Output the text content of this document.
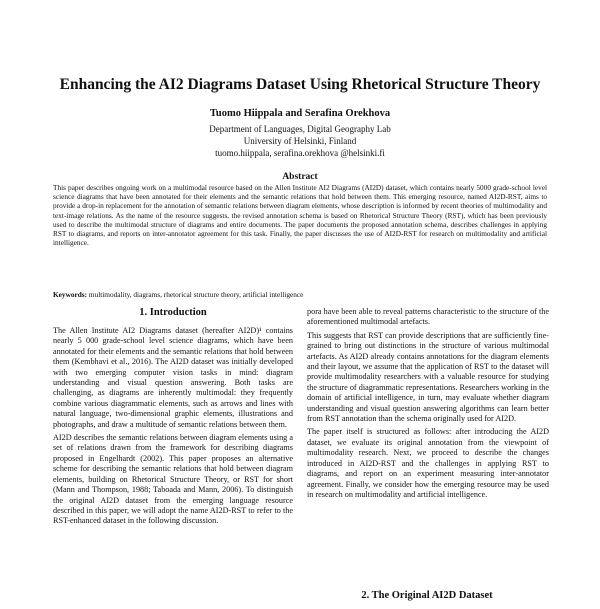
Enhancing the AI2 Diagrams Dataset Using Rhetorical Structure Theory
Tuomo Hiippala and Serafina Orekhova
Department of Languages, Digital Geography Lab
University of Helsinki, Finland
tuomo.hiippala, serafina.orekhova @helsinki.fi
Abstract

This paper describes ongoing work on a multimodal resource based on the Allen Institute AI2 Diagrams (AI2D) dataset, which contains nearly 5000 grade-school level science diagrams that have been annotated for their elements and the semantic relations that hold between them. This emerging resource, named AI2D-RST, aims to provide a drop-in replacement for the annotation of semantic relations between diagram elements, whose description is informed by recent theories of multimodality and text-image relations. As the name of the resource suggests, the revised annotation schema is based on Rhetorical Structure Theory (RST), which has been previously used to describe the multimodal structure of diagrams and entire documents. The paper documents the proposed annotation schema, describes challenges in applying RST to diagrams, and reports on inter-annotator agreement for this task. Finally, the paper discusses the use of AI2D-RST for research on multimodality and artificial intelligence.

Keywords: multimodality, diagrams, rhetorical structure theory, artificial intelligence

1. Introduction

The Allen Institute AI2 Diagrams dataset (hereafter AI2D)¹ contains nearly 5 000 grade-school level science diagrams, which have been annotated for their elements and the semantic relations that hold between them (Kembhavi et al., 2016). The AI2D dataset was initially developed with two emerging computer vision tasks in mind: diagram understanding and visual question answering. Both tasks are challenging, as diagrams are inherently multimodal: they frequently combine various diagrammatic elements, such as arrows and lines with natural language, two-dimensional graphic elements, illustrations and photographs, and draw a multitude of semantic relations between them.

AI2D describes the semantic relations between diagram elements using a set of relations drawn from the framework for describing diagrams proposed in Engelhardt (2002). This paper proposes an alternative scheme for describing the semantic relations that hold between diagram elements, building on Rhetorical Structure Theory, or RST for short (Mann and Thompson, 1988; Taboada and Mann, 2006). To distinguish the original AI2D dataset from the emerging language resource described in this paper, we will adopt the name AI2D-RST to refer to the RST-enhanced dataset in the following discussion.

pora have been able to reveal patterns characteristic to the structure of the aforementioned multimodal artefacts.

This suggests that RST can provide descriptions that are sufficiently fine-grained to bring out distinctions in the structure of various multimodal artefacts. As AI2D already contains annotations for the diagram elements and their layout, we assume that the application of RST to the dataset will provide multimodality researchers with a valuable resource for studying the structure of diagrammatic representations. Researchers working in the domain of artificial intelligence, in turn, may evaluate whether diagram understanding and visual question answering algorithms can learn better from RST annotation than the schema originally used for AI2D.

The paper itself is structured as follows: after introducing the AI2D dataset, we evaluate its original annotation from the viewpoint of multimodality research. Next, we proceed to describe the changes introduced in AI2D-RST and the challenges in applying RST to diagrams, and report on an experiment measuring inter-annotator agreement. Finally, we consider how the emerging resource may be used in research on multimodality and artificial intelligence.

2. The Original AI2D Dataset
